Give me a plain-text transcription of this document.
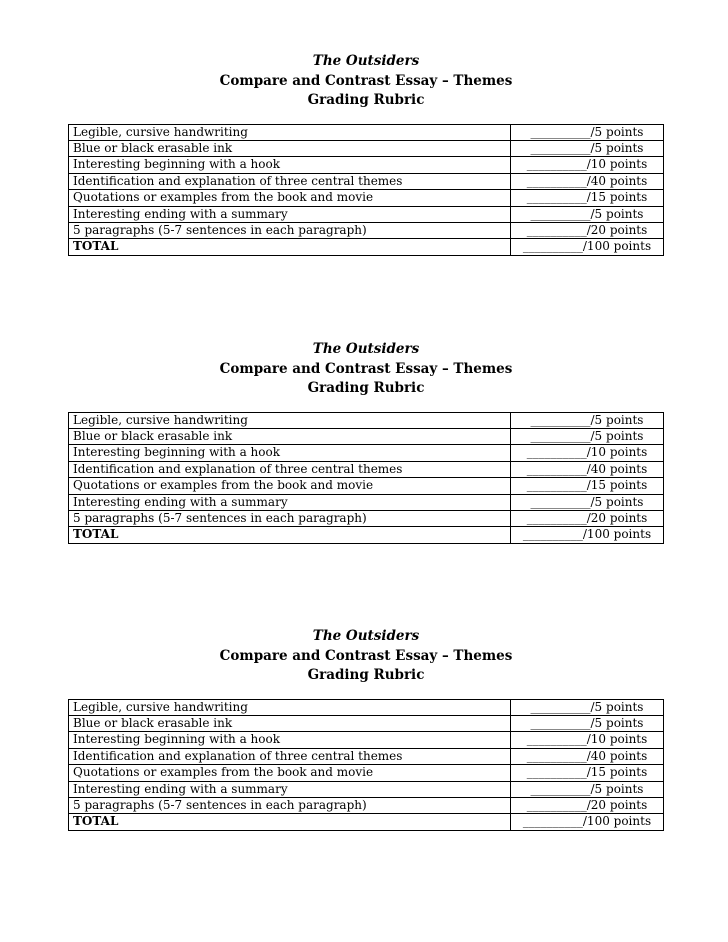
The Outsiders
Compare and Contrast Essay – Themes
Grading Rubric
Legible, cursive handwriting	__________/5 points
Blue or black erasable ink	__________/5 points
Interesting beginning with a hook	__________/10 points
Identification and explanation of three central themes	__________/40 points
Quotations or examples from the book and movie	__________/15 points
Interesting ending with a summary	__________/5 points
5 paragraphs (5-7 sentences in each paragraph)	__________/20 points
TOTAL	__________/100 points
The Outsiders
Compare and Contrast Essay – Themes
Grading Rubric
Legible, cursive handwriting	__________/5 points
Blue or black erasable ink	__________/5 points
Interesting beginning with a hook	__________/10 points
Identification and explanation of three central themes	__________/40 points
Quotations or examples from the book and movie	__________/15 points
Interesting ending with a summary	__________/5 points
5 paragraphs (5-7 sentences in each paragraph)	__________/20 points
TOTAL	__________/100 points
The Outsiders
Compare and Contrast Essay – Themes
Grading Rubric
Legible, cursive handwriting	__________/5 points
Blue or black erasable ink	__________/5 points
Interesting beginning with a hook	__________/10 points
Identification and explanation of three central themes	__________/40 points
Quotations or examples from the book and movie	__________/15 points
Interesting ending with a summary	__________/5 points
5 paragraphs (5-7 sentences in each paragraph)	__________/20 points
TOTAL	__________/100 points
